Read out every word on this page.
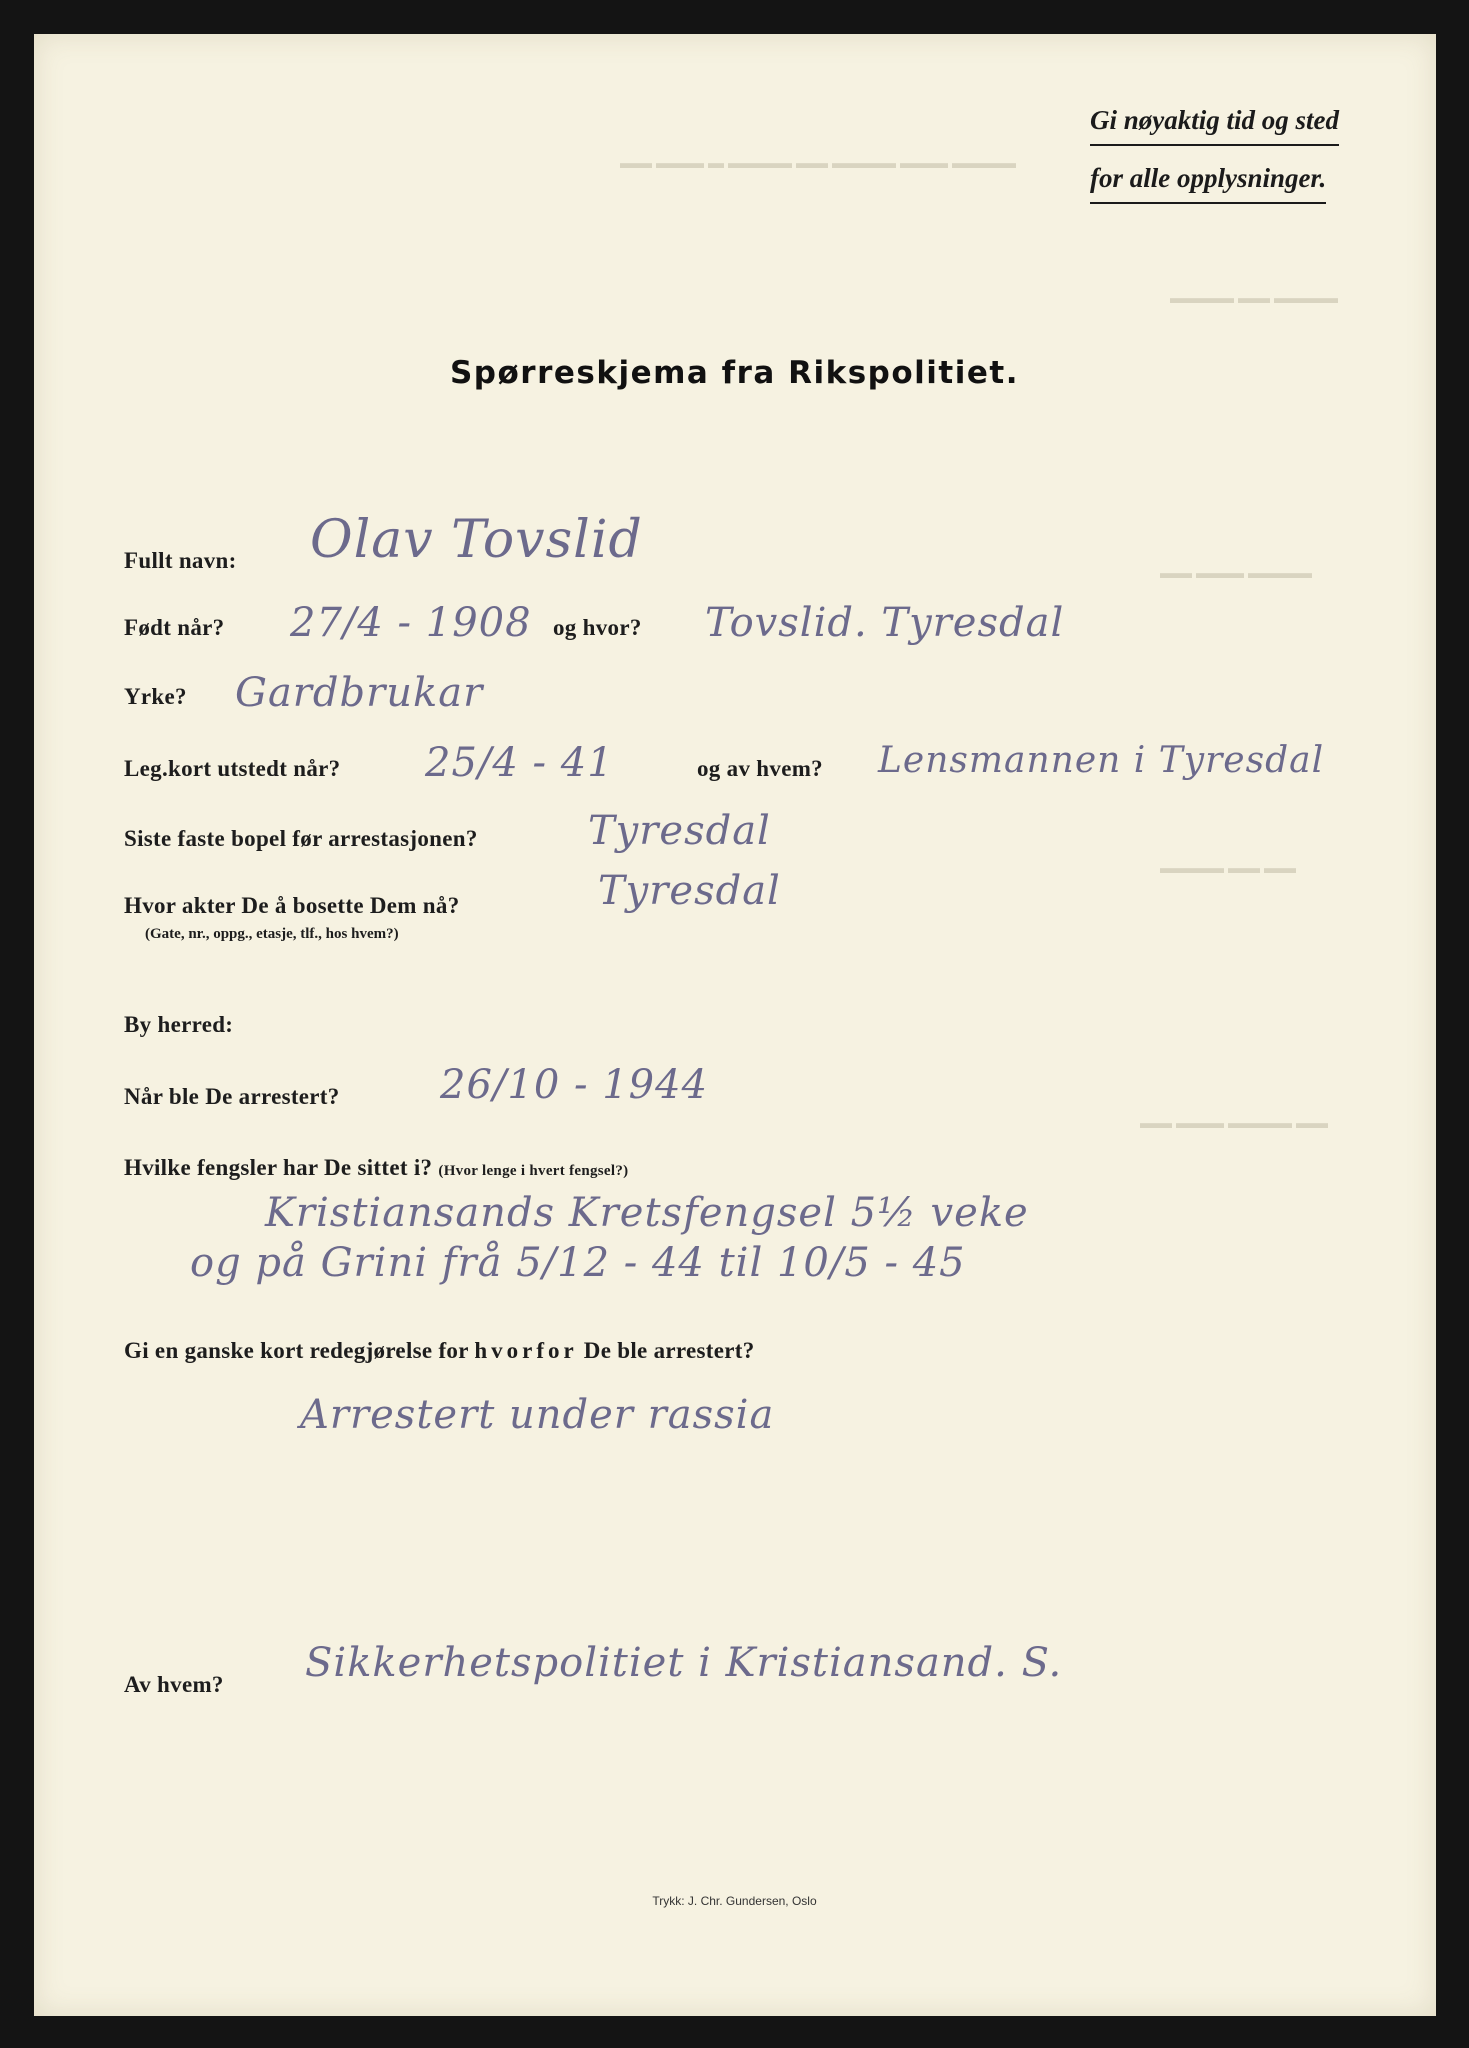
▬▬ ▬▬▬ ▬ ▬▬▬▬ ▬▬ ▬▬▬▬ ▬▬▬ ▬▬▬▬
▬▬▬▬ ▬▬ ▬▬▬▬
▬▬ ▬▬▬ ▬▬▬▬
▬▬▬▬ ▬▬ ▬▬
▬▬ ▬▬▬ ▬▬▬▬ ▬▬
Gi nøyaktig tid og sted
for alle opplysninger.
Spørreskjema fra Rikspolitiet.
Fullt navn: Olav Tovslid
Født når? 27/4 - 1908 og hvor? Tovslid. Tyresdal
Yrke? Gardbrukar
Leg.kort utstedt når? 25/4 - 41	og av hvem? Lensmannen i Tyresdal
Siste faste bopel før arrestasjonen?	Tyresdal
Hvor akter De å bosette Dem nå?
(Gate, nr., oppg., etasje, tlf., hos hvem?)
Tyresdal
By herred:
Når ble De arrestert?	26/10 - 1944
Hvilke fengsler har De sittet i? (Hvor lenge i hvert fengsel?)
Kristiansands Kretsfengsel 5½ veke
og på Grini frå 5/12 - 44 til 10/5 - 45
Gi en ganske kort redegjørelse for hvorfor De ble arrestert?
Arrestert under rassia
Av hvem? Sikkerhetspolitiet i Kristiansand. S.
Trykk: J. Chr. Gundersen, Oslo
